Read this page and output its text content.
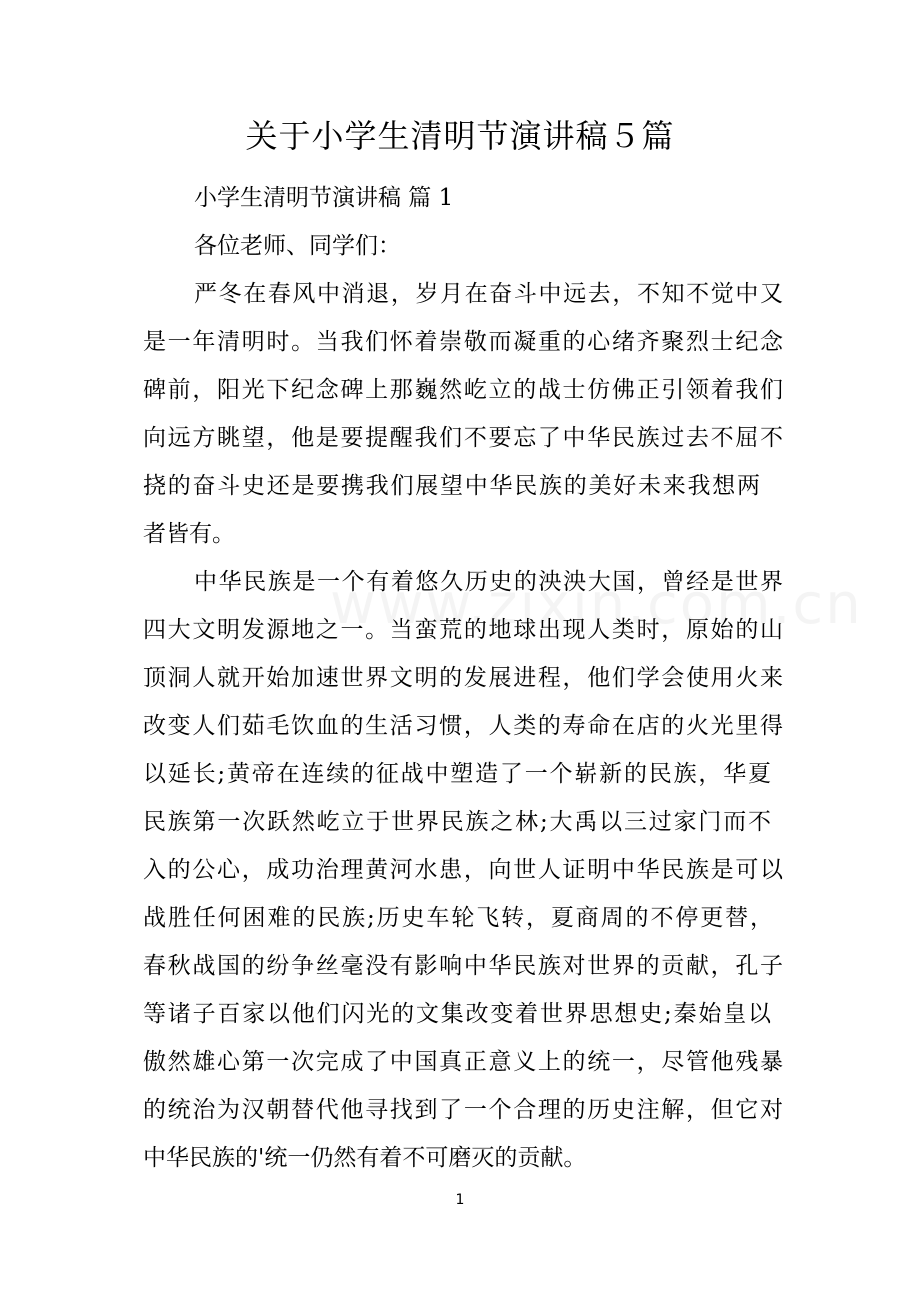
关于小学生清明节演讲稿５篇

小学生清明节演讲稿 篇 1

各位老师、同学们：

严冬在春风中消退，岁月在奋斗中远去，不知不觉中又

是一年清明时。当我们怀着崇敬而凝重的心绪齐聚烈士纪念

碑前，阳光下纪念碑上那巍然屹立的战士仿佛正引领着我们

向远方眺望，他是要提醒我们不要忘了中华民族过去不屈不

挠的奋斗史还是要携我们展望中华民族的美好未来我想两

者皆有。

中华民族是一个有着悠久历史的泱泱大国，曾经是世界

四大文明发源地之一。当蛮荒的地球出现人类时，原始的山

顶洞人就开始加速世界文明的发展进程，他们学会使用火来

改变人们茹毛饮血的生活习惯，人类的寿命在店的火光里得

以延长;黄帝在连续的征战中塑造了一个崭新的民族，华夏

民族第一次跃然屹立于世界民族之林;大禹以三过家门而不

入的公心，成功治理黄河水患，向世人证明中华民族是可以

战胜任何困难的民族;历史车轮飞转，夏商周的不停更替，

春秋战国的纷争丝毫没有影响中华民族对世界的贡献，孔子

等诸子百家以他们闪光的文集改变着世界思想史;秦始皇以

傲然雄心第一次完成了中国真正意义上的统一，尽管他残暴

的统治为汉朝替代他寻找到了一个合理的历史注解，但它对

中华民族的'统一仍然有着不可磨灭的贡献。

1
